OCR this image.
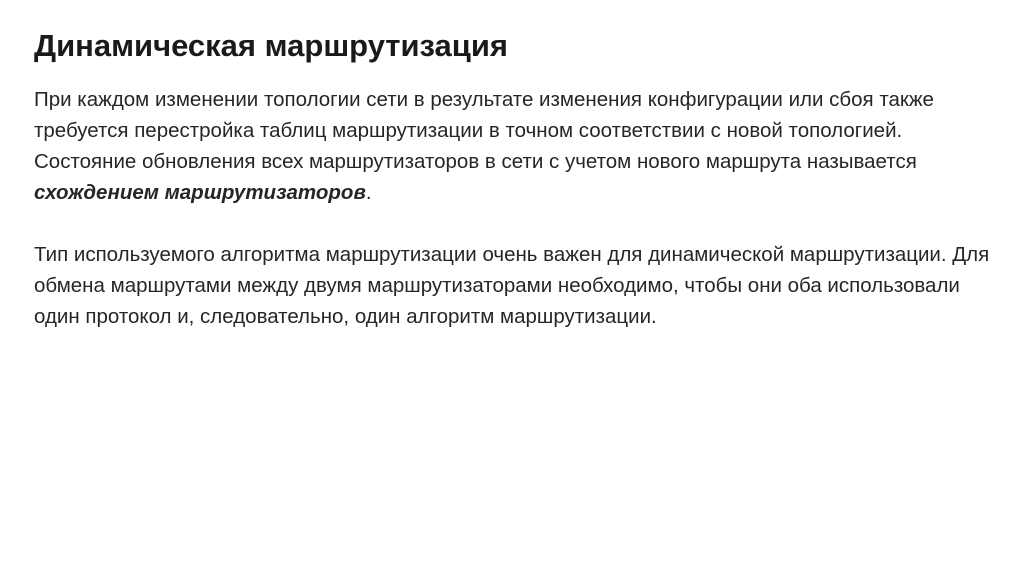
Динамическая маршрутизация

При каждом изменении топологии сети в результате изменения конфигурации или сбоя также требуется перестройка таблиц маршрутизации в точном соответствии с новой топологией. Состояние обновления всех маршрутизаторов в сети с учетом нового маршрута называется схождением маршрутизаторов.

Тип используемого алгоритма маршрутизации очень важен для динамической маршрутизации. Для обмена маршрутами между двумя маршрутизаторами необходимо, чтобы они оба использовали один протокол и, следовательно, один алгоритм маршрутизации.
